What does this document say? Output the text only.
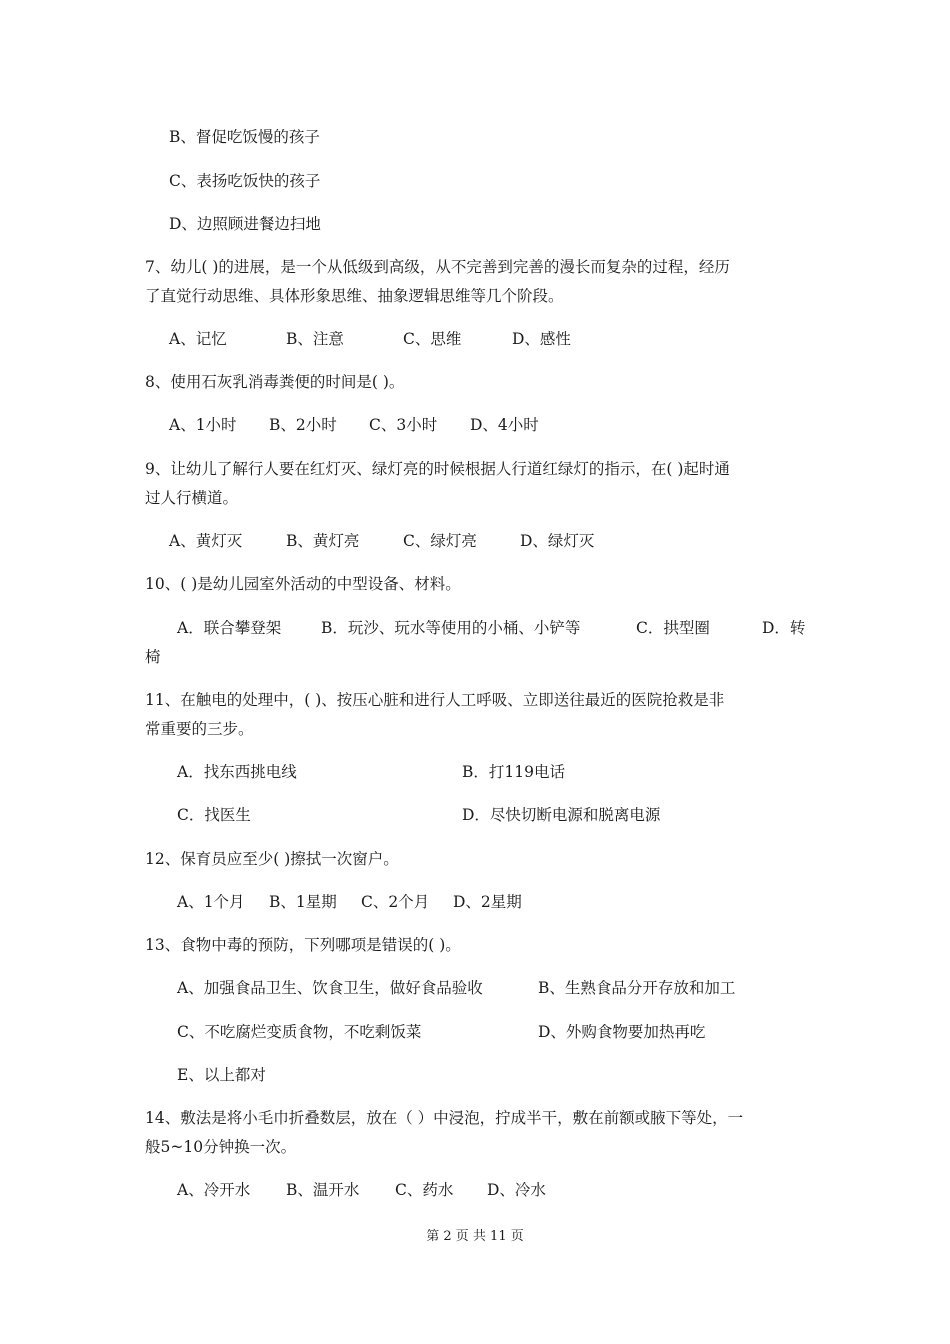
B、督促吃饭慢的孩子
C、表扬吃饭快的孩子
D、边照顾进餐边扫地
7、幼儿( )的进展，是一个从低级到高级，从不完善到完善的漫长而复杂的过程，经历
了直觉行动思维、具体形象思维、抽象逻辑思维等几个阶段。
A、记忆	B、注意	C、思维	D、感性
8、使用石灰乳消毒粪便的时间是( )。
A、1小时 B、2小时 C、3小时 D、4小时
9、让幼儿了解行人要在红灯灭、绿灯亮的时候根据人行道红绿灯的指示，在( )起时通
过人行横道。
A、黄灯灭	B、黄灯亮	C、绿灯亮	D、绿灯灭
10、( )是幼儿园室外活动的中型设备、材料。
A．联合攀登架	B．玩沙、玩水等使用的小桶、小铲等	C．拱型圈	D．转
椅
11、在触电的处理中，( )、按压心脏和进行人工呼吸、立即送往最近的医院抢救是非
常重要的三步。
A．找东西挑电线	B．打119电话
C．找医生	D．尽快切断电源和脱离电源
12、保育员应至少( )擦拭一次窗户。
A、1个月 B、1星期 C、2个月 D、2星期
13、食物中毒的预防，下列哪项是错误的( )。
A、加强食品卫生、饮食卫生，做好食品验收	B、生熟食品分开存放和加工
C、不吃腐烂变质食物，不吃剩饭菜	D、外购食物要加热再吃
E、以上都对
14、敷法是将小毛巾折叠数层，放在（ ）中浸泡，拧成半干，敷在前额或腋下等处，一
般5~10分钟换一次。
A、冷开水 B、温开水 C、药水 D、冷水
第 2 页 共 11 页
